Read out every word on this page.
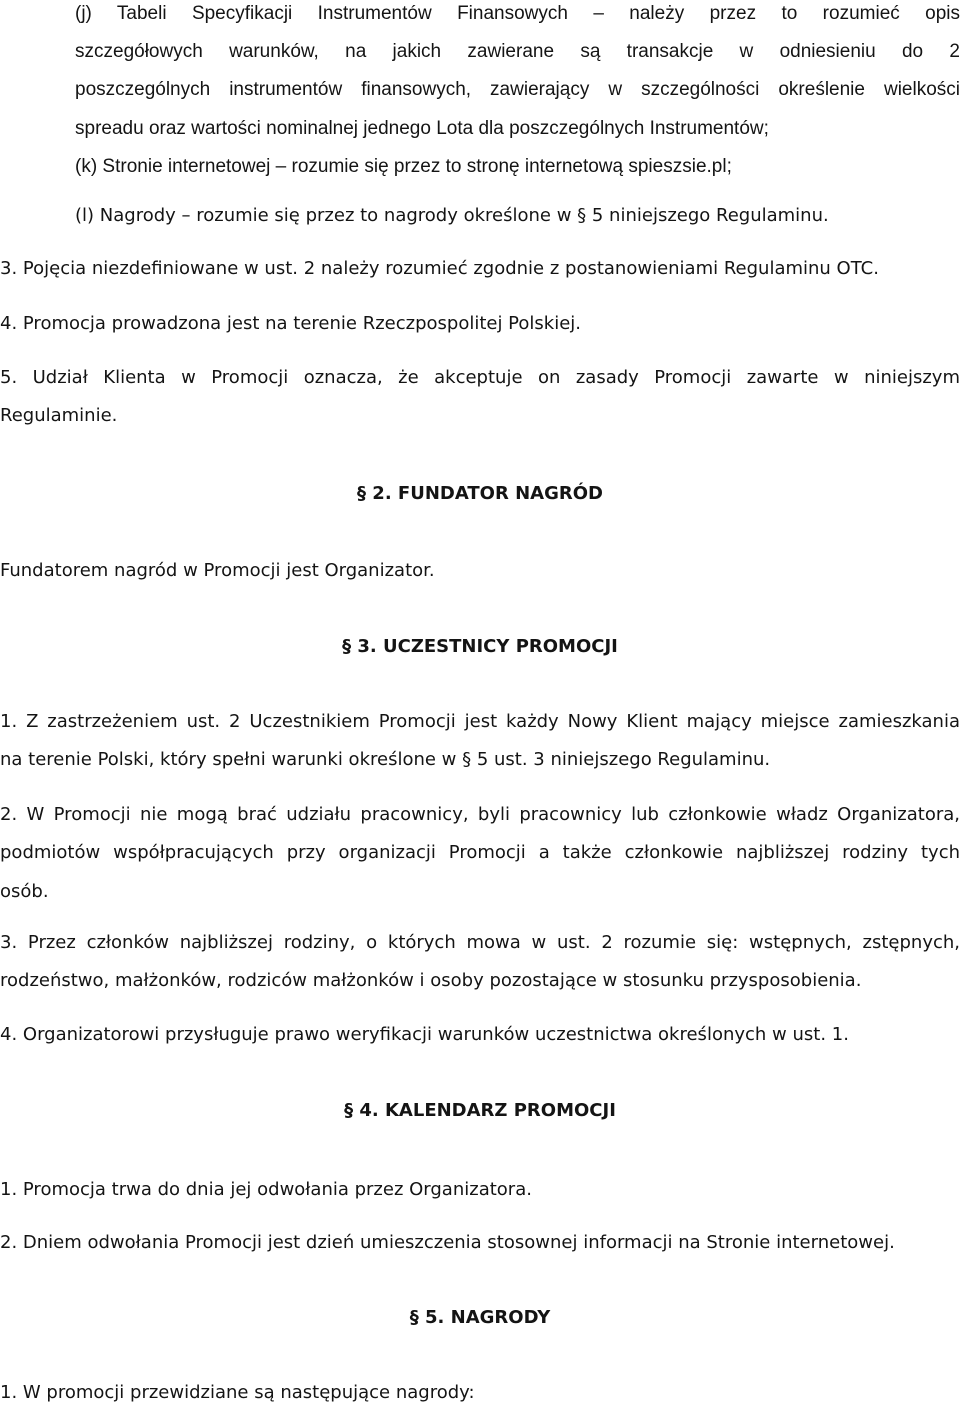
(j) Tabeli Specyfikacji Instrumentów Finansowych – należy przez to rozumieć opis
szczegółowych warunków, na jakich zawierane są transakcje w odniesieniu do 2
poszczególnych instrumentów finansowych, zawierający w szczególności określenie wielkości
spreadu oraz wartości nominalnej jednego Lota dla poszczególnych Instrumentów;
(k) Stronie internetowej – rozumie się przez to stronę internetową spieszsie.pl;
(l) Nagrody – rozumie się przez to nagrody określone w § 5 niniejszego Regulaminu.
3. Pojęcia niezdefiniowane w ust. 2 należy rozumieć zgodnie z postanowieniami Regulaminu OTC.
4. Promocja prowadzona jest na terenie Rzeczpospolitej Polskiej.
5. Udział Klienta w Promocji oznacza, że akceptuje on zasady Promocji zawarte w niniejszym
Regulaminie.
§ 2. FUNDATOR NAGRÓD
Fundatorem nagród w Promocji jest Organizator.
§ 3. UCZESTNICY PROMOCJI
1. Z zastrzeżeniem ust. 2 Uczestnikiem Promocji jest każdy Nowy Klient mający miejsce zamieszkania
na terenie Polski, który spełni warunki określone w § 5 ust. 3 niniejszego Regulaminu.
2. W Promocji nie mogą brać udziału pracownicy, byli pracownicy lub członkowie władz Organizatora,
podmiotów współpracujących przy organizacji Promocji a także członkowie najbliższej rodziny tych
osób.
3. Przez członków najbliższej rodziny, o których mowa w ust. 2 rozumie się: wstępnych, zstępnych,
rodzeństwo, małżonków, rodziców małżonków i osoby pozostające w stosunku przysposobienia.
4. Organizatorowi przysługuje prawo weryfikacji warunków uczestnictwa określonych w ust. 1.
§ 4. KALENDARZ PROMOCJI
1. Promocja trwa do dnia jej odwołania przez Organizatora.
2. Dniem odwołania Promocji jest dzień umieszczenia stosownej informacji na Stronie internetowej.
§ 5. NAGRODY
1. W promocji przewidziane są następujące nagrody:
